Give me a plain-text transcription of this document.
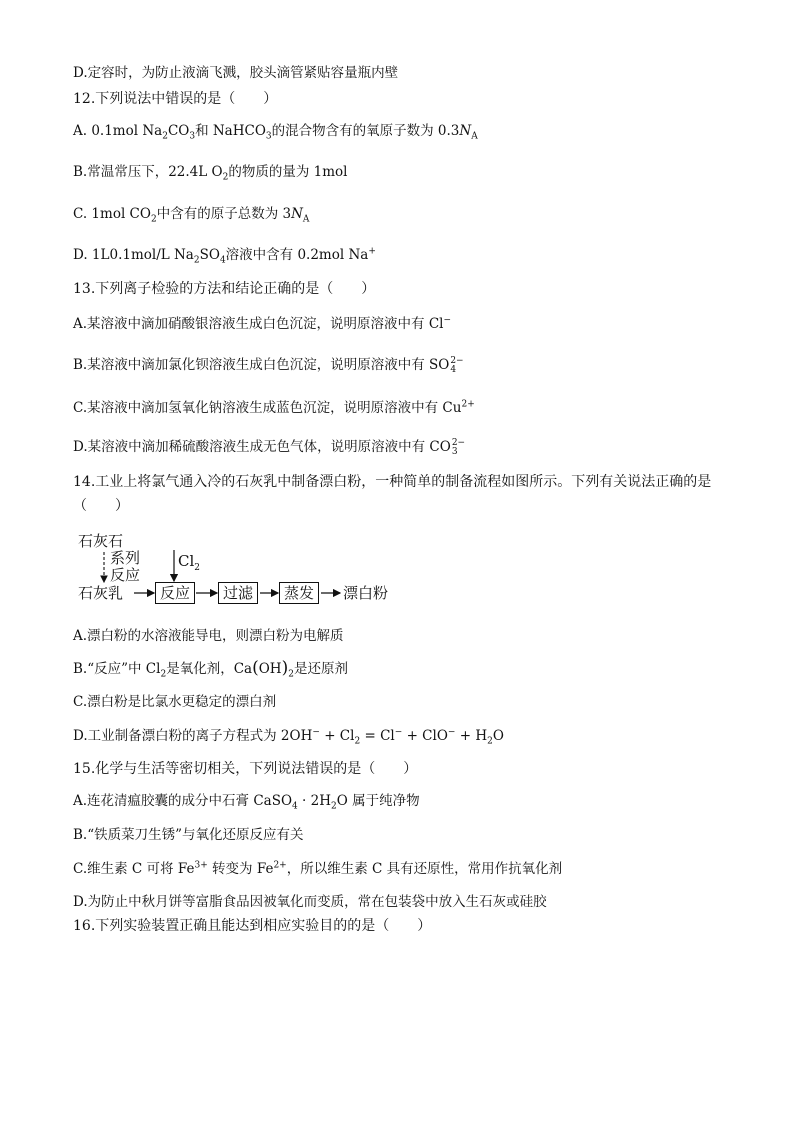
D.定容时，为防止液滴飞溅，胶头滴管紧贴容量瓶内壁
12.下列说法中错误的是（　　）
A. 0.1mol $Na_2CO_3$和 NaHCO$_3$的混合物含有的氧原子数为 $0.3N_A$
B.常温常压下，22.4L $O_2$的物质的量为 1mol
C. 1mol $CO_2$中含有的原子总数为 $3N_A$
D. 1L0.1mol/L $Na_2SO_4$溶液中含有 0.2mol Na+
13.下列离子检验的方法和结论正确的是（　　）
A.某溶液中滴加硝酸银溶液生成白色沉淀，说明原溶液中有 Cl−
B.某溶液中滴加氯化钡溶液生成白色沉淀，说明原溶液中有 SO 2−
4
C.某溶液中滴加氢氧化钠溶液生成蓝色沉淀，说明原溶液中有 $Cu^{2+}$
D.某溶液中滴加稀硫酸溶液生成无色气体，说明原溶液中有 CO 2−
3
14.工业上将氯气通入冷的石灰乳中制备漂白粉，一种简单的制备流程如图所示。下列有关说法正确的是
（　　）
石灰石
系列
反应
$Cl_2$
石灰乳	反应	过滤	蒸发	漂白粉
A.漂白粉的水溶液能导电，则漂白粉为电解质
B.“反应”中 $Cl_2$是氧化剂，$Ca(OH)_2$是还原剂
C.漂白粉是比氯水更稳定的漂白剂
D.工业制备漂白粉的离子方程式为 $2OH^- + Cl_2 = Cl^- + ClO^- + H_2O$
15.化学与生活等密切相关，下列说法错误的是（　　）
A.连花清瘟胶囊的成分中石膏 CaSO$_4$ · $2H_2O$ 属于纯净物
B.“铁质菜刀生锈”与氧化还原反应有关
C.维生素 C 可将 $Fe^{3+}$ 转变为 $Fe^{2+}$，所以维生素 C 具有还原性，常用作抗氧化剂
D.为防止中秋月饼等富脂食品因被氧化而变质，常在包装袋中放入生石灰或硅胶
16.下列实验装置正确且能达到相应实验目的的是（　　）
